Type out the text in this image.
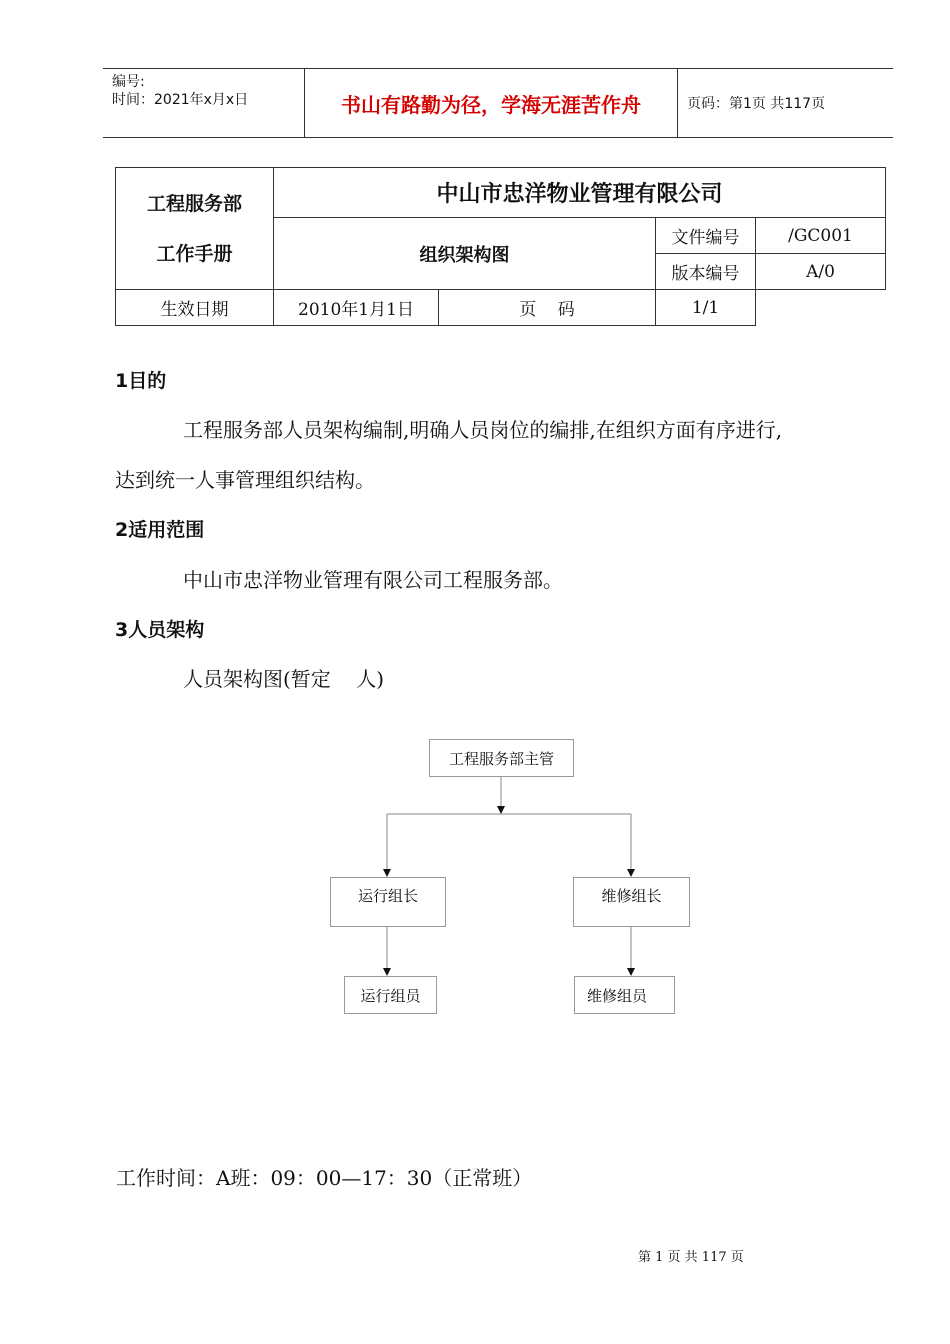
编号:
时间：2021年x月x日	书山有路勤为径，学海无涯苦作舟	页码：第1页 共117页
工程服务部
工作手册	中山市忠洋物业管理有限公司			
	组织架构图		文件编号	/GC001
			版本编号	A/0
生效日期	2010年1月1日	页    码	1/1	
1目的
工程服务部人员架构编制,明确人员岗位的编排,在组织方面有序进行,
达到统一人事管理组织结构。
2适用范围
中山市忠洋物业管理有限公司工程服务部。
3人员架构
人员架构图(暂定    人)
工程服务部主管
运行组长	维修组长
运行组员	维修组员
工作时间：A班：09：00—17：30（正常班）
第 1 页 共 117 页
